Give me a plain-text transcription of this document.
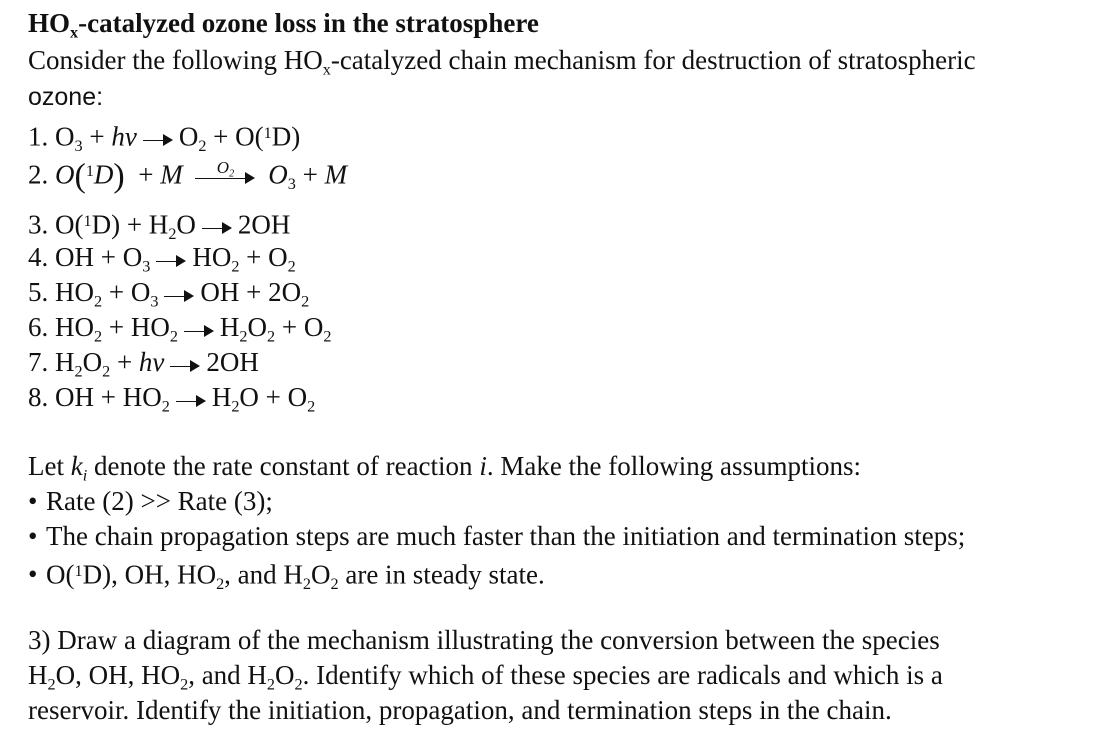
$HO_x$-catalyzed ozone loss in the stratosphere
Consider the following $HO_x$-catalyzed chain mechanism for destruction of stratospheric
ozone:
1. $O_3$ + hv $O_2 + O(^1D)$
2. O($^1$D)  + M	$O_2$	$O_3 + M$
3. $O(^1D) + H_2O$ 2OH
4. OH + $O_3$ $HO_2 + O_2$
5. $HO_2 + O_3$ OH + $2O_2$
6. $HO_2 + HO_2$ $H_2O_2 + O_2$
7. $H_2O_2$ + hv 2OH
8. OH + $HO_2$ $H_2O + O_2$
Let $k_i$ denote the rate constant of reaction i. Make the following assumptions:
• Rate (2) >> Rate (3);
• The chain propagation steps are much faster than the initiation and termination steps;
• O($^1$D), OH, $HO_2$, and $H_2O_2$ are in steady state.
3) Draw a diagram of the mechanism illustrating the conversion between the species
$H_2O$, OH, $HO_2$, and $H_2O_2$. Identify which of these species are radicals and which is a
reservoir. Identify the initiation, propagation, and termination steps in the chain.
